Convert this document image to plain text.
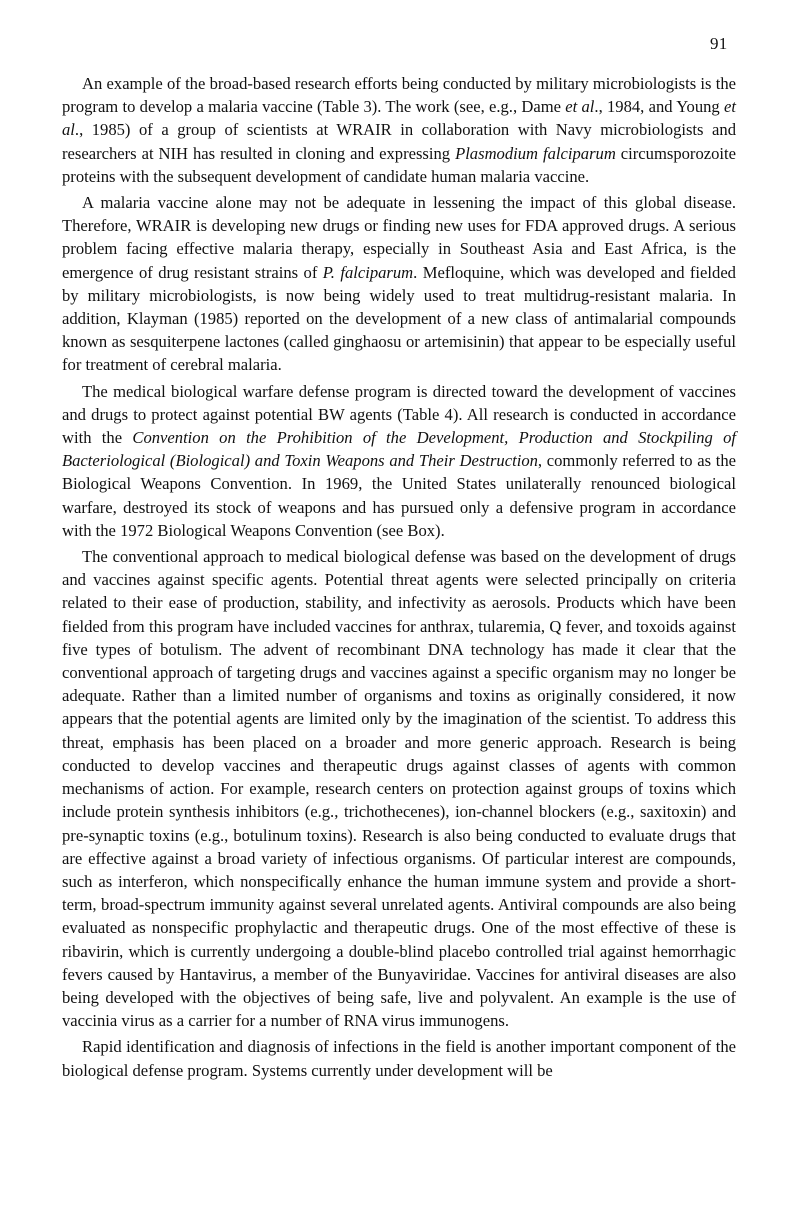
91

An example of the broad-based research efforts being conducted by military microbiologists is the program to develop a malaria vaccine (Table 3). The work (see, e.g., Dame et al., 1984, and Young et al., 1985) of a group of scientists at WRAIR in collaboration with Navy microbiologists and researchers at NIH has resulted in cloning and expressing Plasmodium falciparum circumsporozoite proteins with the subsequent development of candidate human malaria vaccine.

A malaria vaccine alone may not be adequate in lessening the impact of this global disease. Therefore, WRAIR is developing new drugs or finding new uses for FDA approved drugs. A serious problem facing effective malaria therapy, especially in Southeast Asia and East Africa, is the emergence of drug resistant strains of P. falciparum. Mefloquine, which was developed and fielded by military microbiologists, is now being widely used to treat multidrug-resistant malaria. In addition, Klayman (1985) reported on the development of a new class of antimalarial compounds known as sesquiterpene lactones (called ginghaosu or artemisinin) that appear to be especially useful for treatment of cerebral malaria.

The medical biological warfare defense program is directed toward the development of vaccines and drugs to protect against potential BW agents (Table 4). All research is conducted in accordance with the Convention on the Prohibition of the Development, Production and Stockpiling of Bacteriological (Biological) and Toxin Weapons and Their Destruction, commonly referred to as the Biological Weapons Convention. In 1969, the United States unilaterally renounced biological warfare, destroyed its stock of weapons and has pursued only a defensive program in accordance with the 1972 Biological Weapons Convention (see Box).

The conventional approach to medical biological defense was based on the development of drugs and vaccines against specific agents. Potential threat agents were selected principally on criteria related to their ease of production, stability, and infectivity as aerosols. Products which have been fielded from this program have included vaccines for anthrax, tularemia, Q fever, and toxoids against five types of botulism. The advent of recombinant DNA technology has made it clear that the conventional approach of targeting drugs and vaccines against a specific organism may no longer be adequate. Rather than a limited number of organisms and toxins as originally considered, it now appears that the potential agents are limited only by the imagination of the scientist. To address this threat, emphasis has been placed on a broader and more generic approach. Research is being conducted to develop vaccines and therapeutic drugs against classes of agents with common mechanisms of action. For example, research centers on protection against groups of toxins which include protein synthesis inhibitors (e.g., trichothecenes), ion-channel blockers (e.g., saxitoxin) and pre-synaptic toxins (e.g., botulinum toxins). Research is also being conducted to evaluate drugs that are effective against a broad variety of infectious organisms. Of particular interest are compounds, such as interferon, which nonspecifically enhance the human immune system and provide a short-term, broad-spectrum immunity against several unrelated agents. Antiviral compounds are also being evaluated as nonspecific prophylactic and therapeutic drugs. One of the most effective of these is ribavirin, which is currently undergoing a double-blind placebo controlled trial against hemorrhagic fevers caused by Hantavirus, a member of the Bunyaviridae. Vaccines for antiviral diseases are also being developed with the objectives of being safe, live and polyvalent. An example is the use of vaccinia virus as a carrier for a number of RNA virus immunogens.

Rapid identification and diagnosis of infections in the field is another important component of the biological defense program. Systems currently under development will be
